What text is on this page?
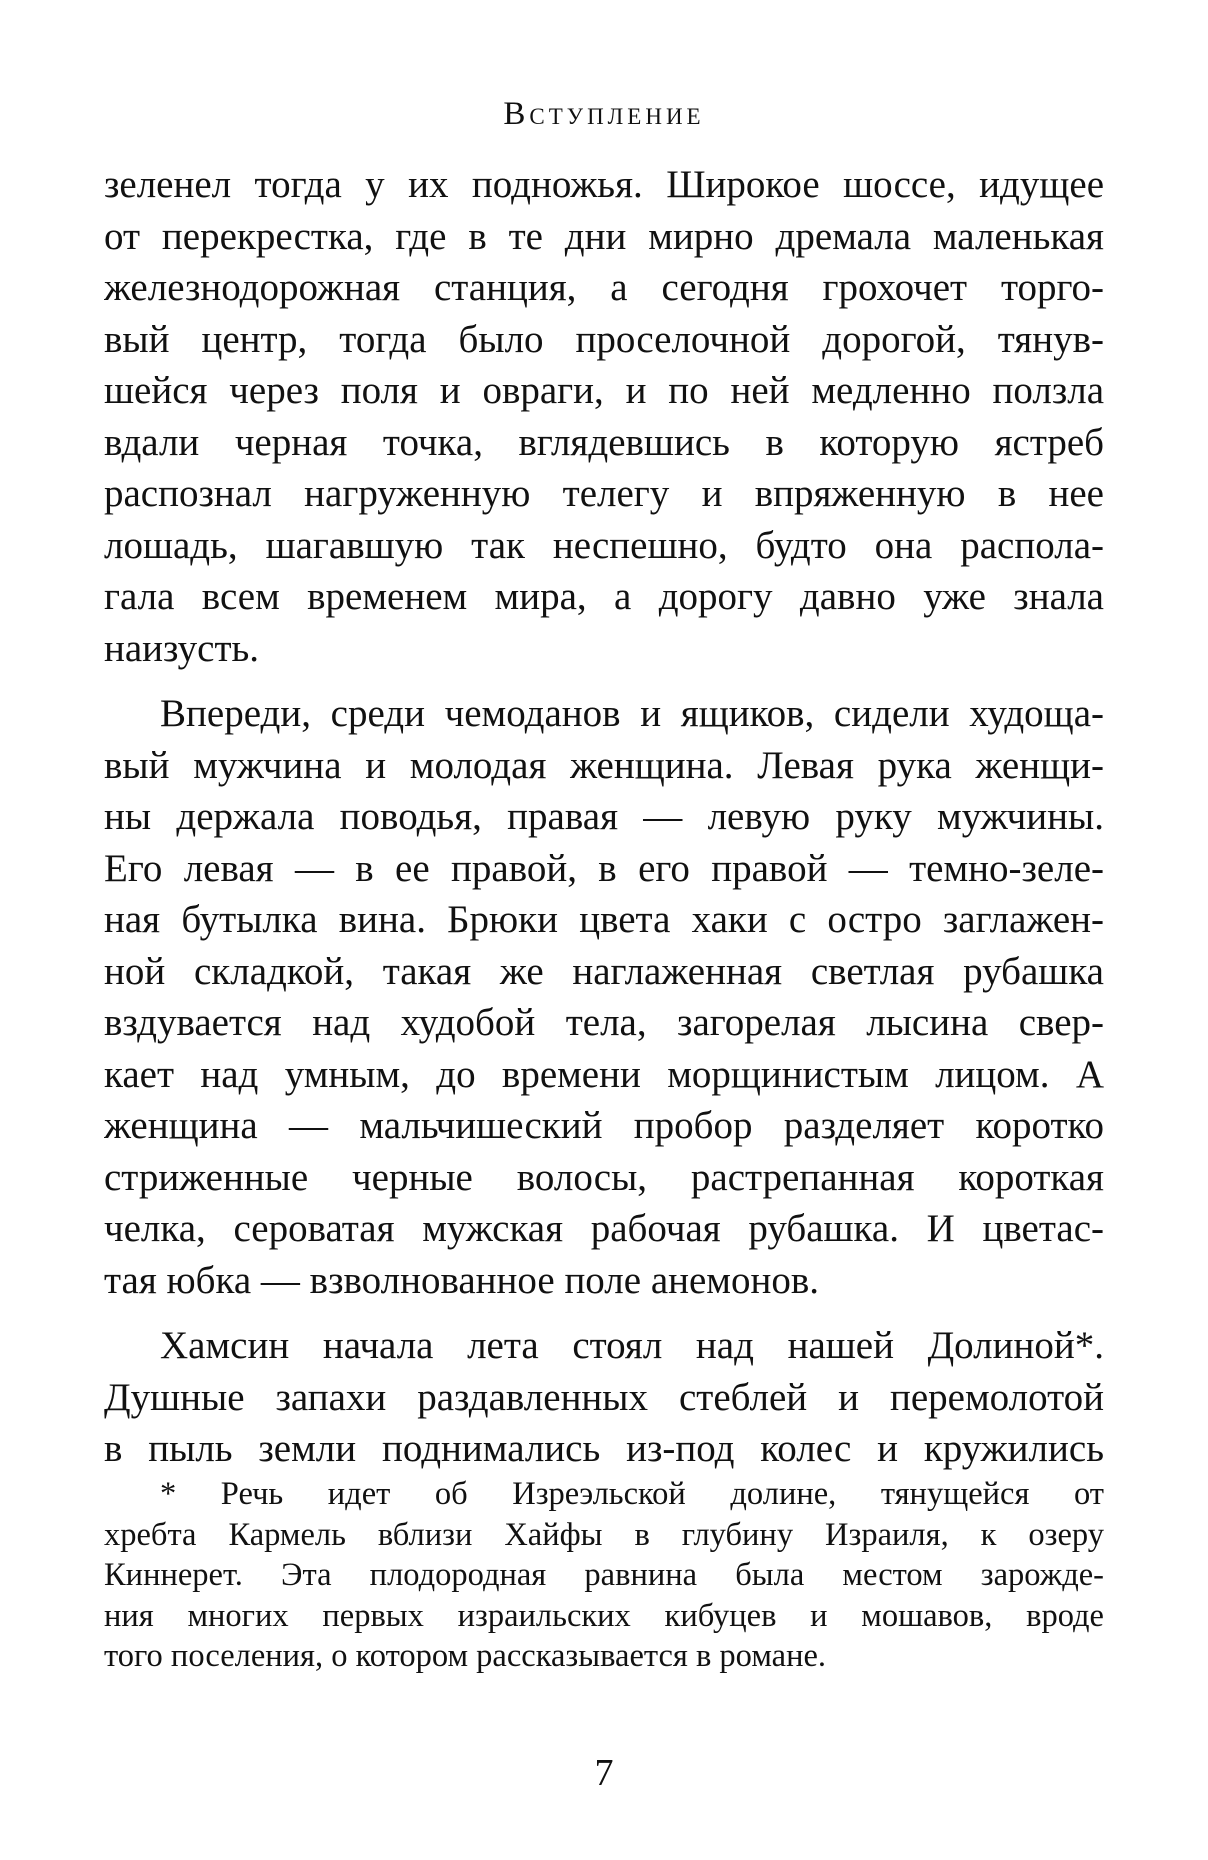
Вступление
зеленел тогда у их подножья. Широкое шоссе, идущее
от перекрестка, где в те дни мирно дремала маленькая
железнодорожная станция, а сегодня грохочет торго-
вый центр, тогда было проселочной дорогой, тянув-
шейся через поля и овраги, и по ней медленно ползла
вдали черная точка, вглядевшись в которую ястреб
распознал нагруженную телегу и впряженную в нее
лошадь, шагавшую так неспешно, будто она распола-
гала всем временем мира, а дорогу давно уже знала
наизусть.
Впереди, среди чемоданов и ящиков, сидели худоща-
вый мужчина и молодая женщина. Левая рука женщи-
ны держала поводья, правая — левую руку мужчины.
Его левая — в ее правой, в его правой — темно-зеле-
ная бутылка вина. Брюки цвета хаки с остро заглажен-
ной складкой, такая же наглаженная светлая рубашка
вздувается над худобой тела, загорелая лысина свер-
кает над умным, до времени морщинистым лицом. А
женщина — мальчишеский пробор разделяет коротко
стриженные черные волосы, растрепанная короткая
челка, сероватая мужская рабочая рубашка. И цветас-
тая юбка — взволнованное поле анемонов.
Хамсин начала лета стоял над нашей Долиной*.
Душные запахи раздавленных стеблей и перемолотой
в пыль земли поднимались из-под колес и кружились
* Речь идет об Изреэльской долине, тянущейся от
хребта Кармель вблизи Хайфы в глубину Израиля, к озеру
Киннерет. Эта плодородная равнина была местом зарожде-
ния многих первых израильских кибуцев и мошавов, вроде
того поселения, о котором рассказывается в романе.
7
